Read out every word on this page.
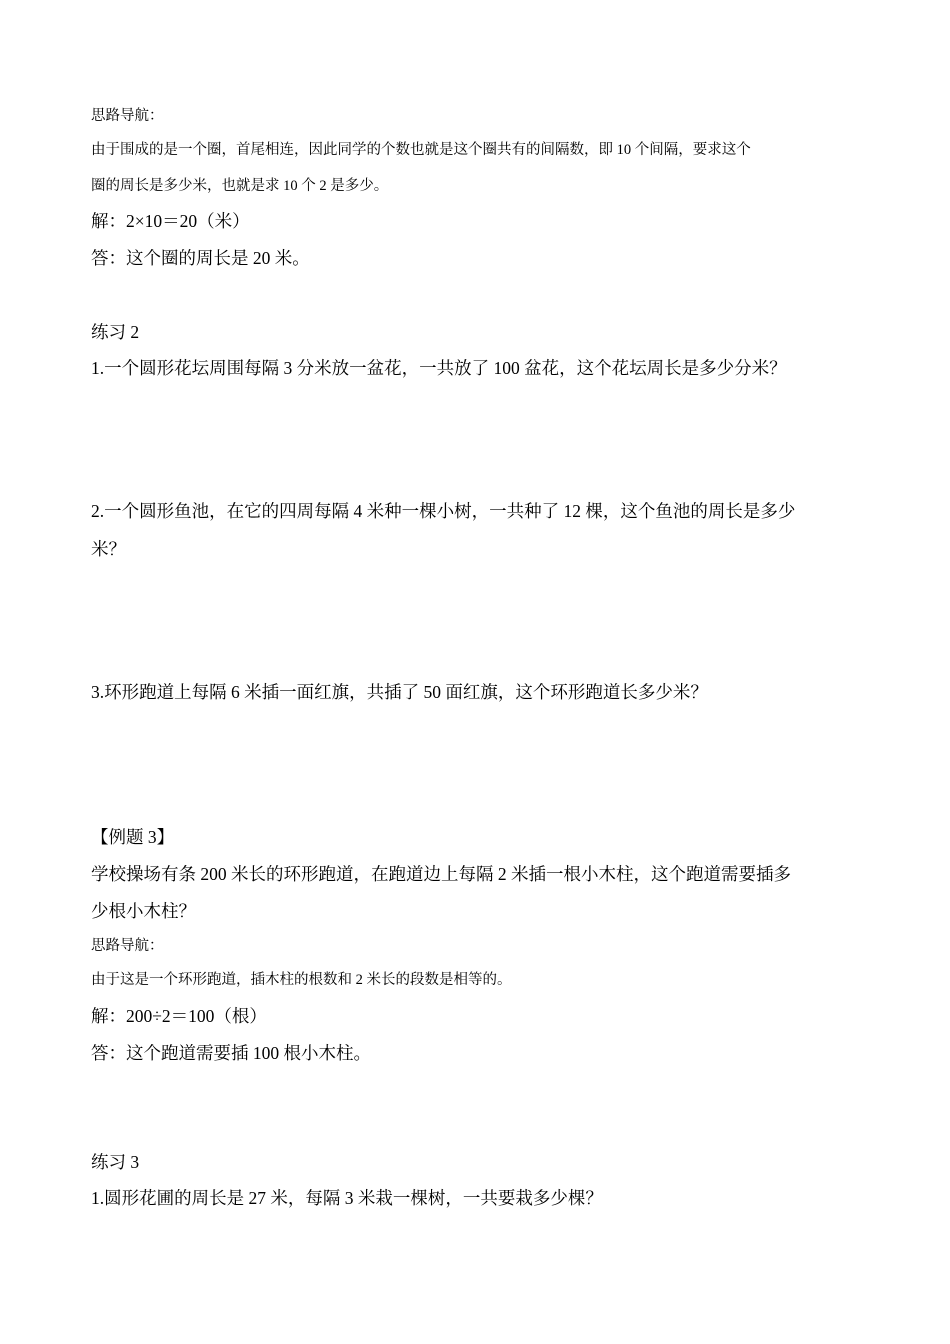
思路导航：
由于围成的是一个圈，首尾相连，因此同学的个数也就是这个圈共有的间隔数，即 10 个间隔，要求这个
圈的周长是多少米，也就是求 10 个 2 是多少。
解：2×10＝20（米）
答：这个圈的周长是 20 米。
练习 2
1.一个圆形花坛周围每隔 3 分米放一盆花，一共放了 100 盆花，这个花坛周长是多少分米？
2.一个圆形鱼池，在它的四周每隔 4 米种一棵小树，一共种了 12 棵，这个鱼池的周长是多少
米？
3.环形跑道上每隔 6 米插一面红旗，共插了 50 面红旗，这个环形跑道长多少米？
【例题 3】
学校操场有条 200 米长的环形跑道，在跑道边上每隔 2 米插一根小木柱，这个跑道需要插多
少根小木柱？
思路导航：
由于这是一个环形跑道，插木柱的根数和 2 米长的段数是相等的。
解：200÷2＝100（根）
答：这个跑道需要插 100 根小木柱。
练习 3
1.圆形花圃的周长是 27 米，每隔 3 米栽一棵树，一共要栽多少棵？
